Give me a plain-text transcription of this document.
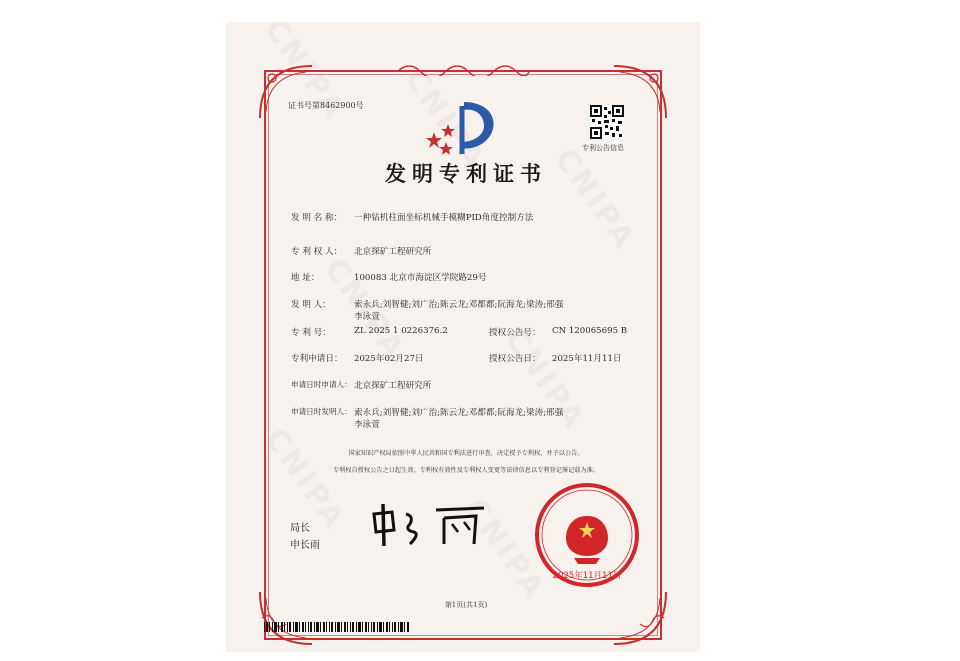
证书号第8462900号
专利公告信息
发明专利证书
发 明 名 称： 一种钻机柱面坐标机械手模糊PID角度控制方法
专 利 权 人： 北京探矿工程研究所
地 址：	100083 北京市海淀区学院路29号
发 明 人：	索永兵;刘智健;刘广治;陈云龙;邓都都;阮海龙;梁涛;邢强
李泳萱
专 利 号：	ZL 2025 1 0226376.2	授权公告号： CN 120065695 B
专利申请日： 2025年02月27日	授权公告日： 2025年11月11日
申请日时申请人： 北京探矿工程研究所
申请日时发明人： 索永兵;刘智健;刘广治;陈云龙;邓都都;阮海龙;梁涛;邢强
李泳萱
国家知识产权局依照中华人民共和国专利法进行审查，决定授予专利权，并予以公告。
专利权自授权公告之日起生效。专利权有效性及专利权人变更等法律信息以专利登记簿记载为准。
局长
申长雨
2025年11月11日
第1页(共1页)
